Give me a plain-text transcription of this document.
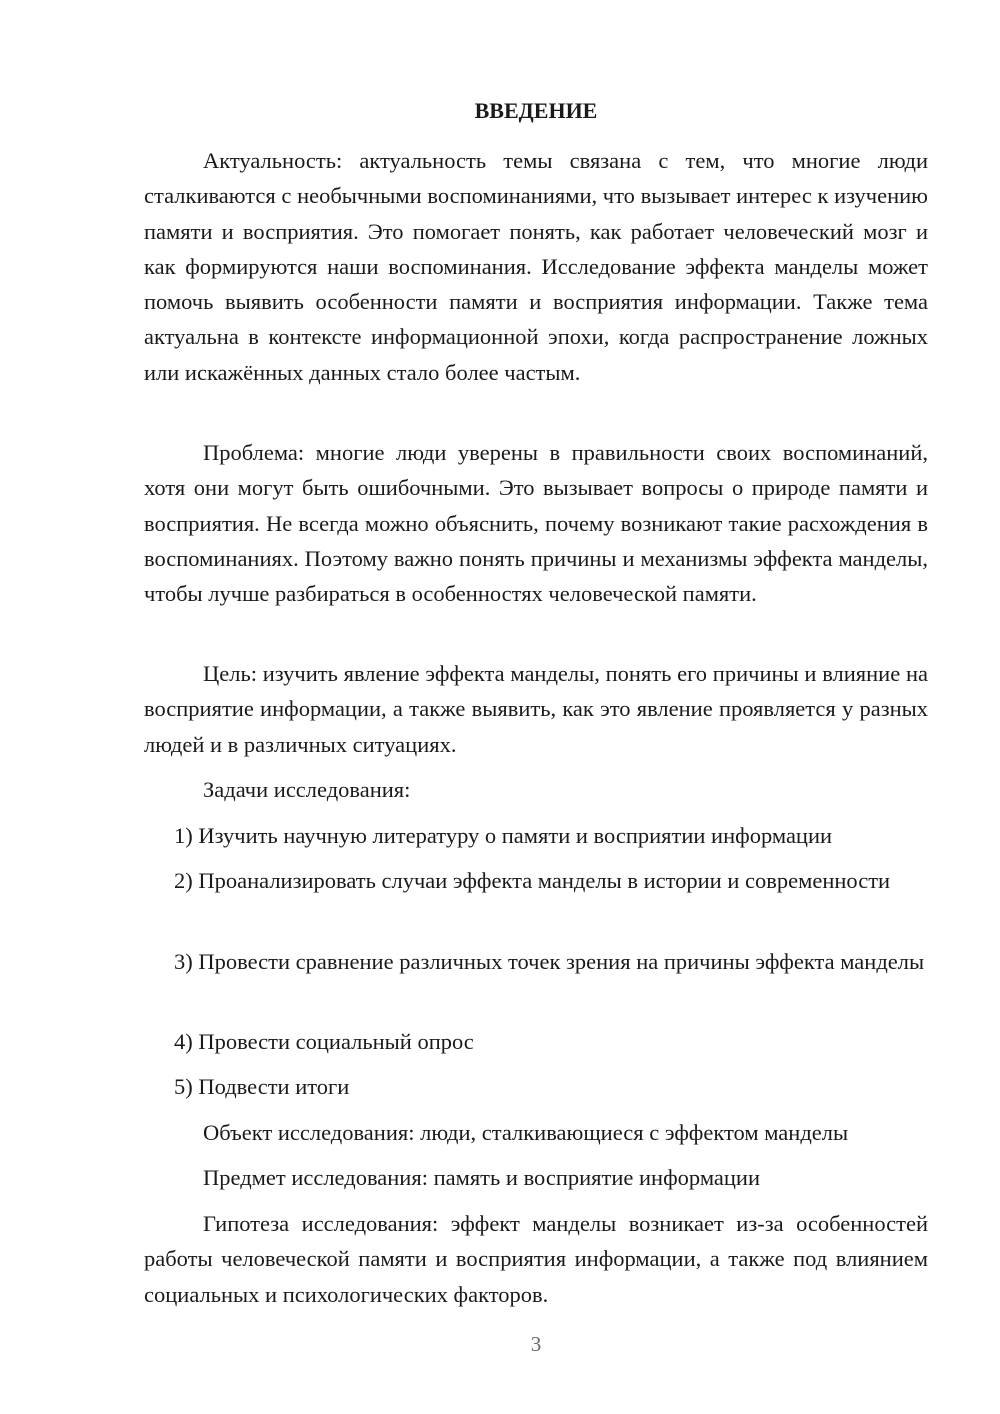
ВВЕДЕНИЕ

Актуальность: актуальность темы связана с тем, что многие люди сталкиваются с необычными воспоминаниями, что вызывает интерес к изучению памяти и восприятия. Это помогает понять, как работает человеческий мозг и как формируются наши воспоминания. Исследование эффекта манделы может помочь выявить особенности памяти и восприятия информации. Также тема актуальна в контексте информационной эпохи, когда распространение ложных или искажённых данных стало более частым.

Проблема: многие люди уверены в правильности своих воспоминаний, хотя они могут быть ошибочными. Это вызывает вопросы о природе памяти и восприятия. Не всегда можно объяснить, почему возникают такие расхождения в воспоминаниях. Поэтому важно понять причины и механизмы эффекта манделы, чтобы лучше разбираться в особенностях человеческой памяти.

Цель: изучить явление эффекта манделы, понять его причины и влияние на восприятие информации, а также выявить, как это явление проявляется у разных людей и в различных ситуациях.

Задачи исследования:

1) Изучить научную литературу о памяти и восприятии информации

2) Проанализировать случаи эффекта манделы в истории и современности

3) Провести сравнение различных точек зрения на причины эффекта манделы

4) Провести социальный опрос

5) Подвести итоги

Объект исследования: люди, сталкивающиеся с эффектом манделы

Предмет исследования: память и восприятие информации

Гипотеза исследования: эффект манделы возникает из-за особенностей работы человеческой памяти и восприятия информации, а также под влиянием социальных и психологических факторов.

3
